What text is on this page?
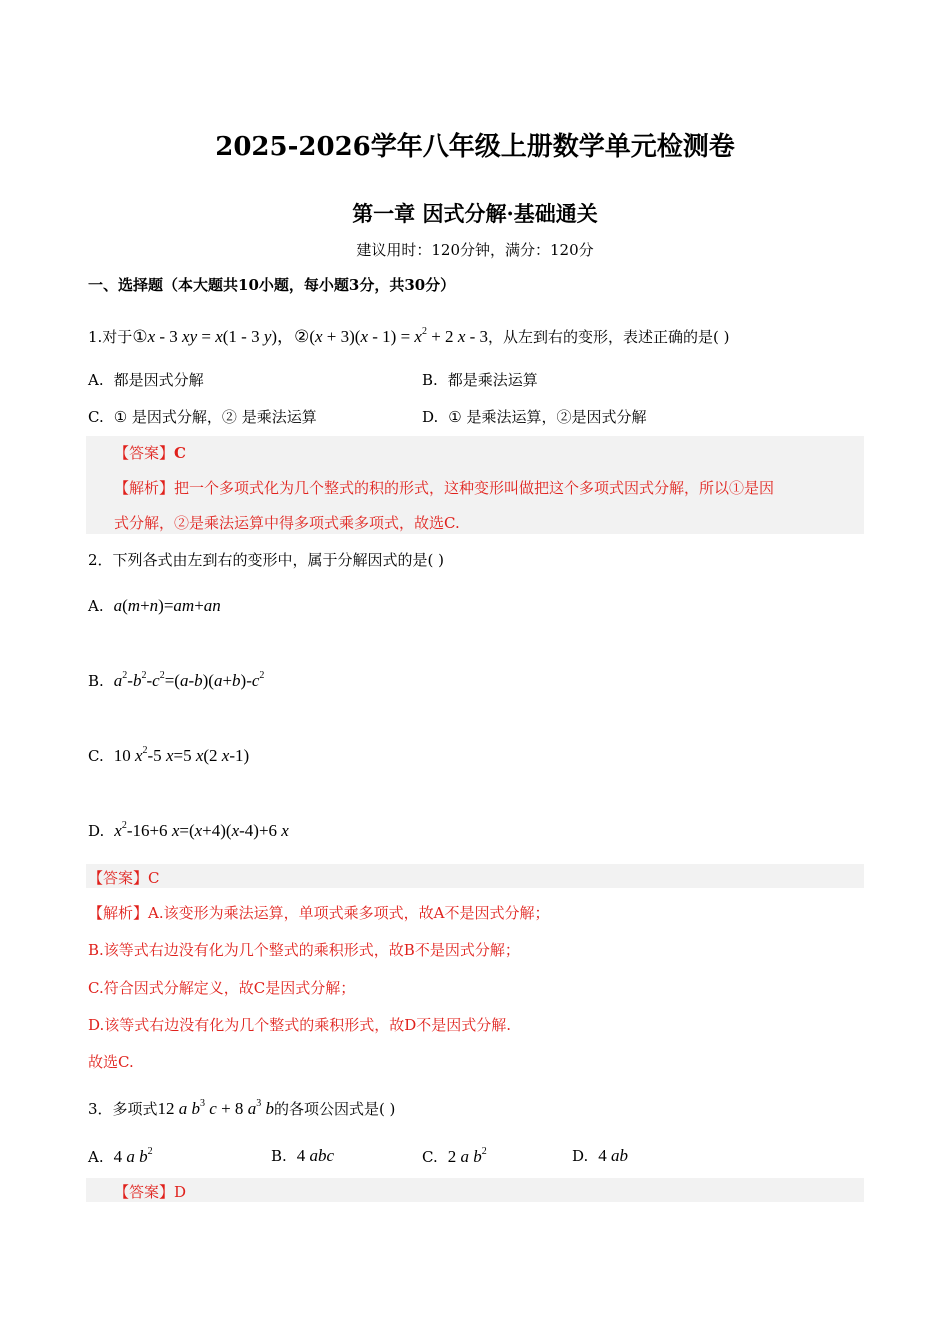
2025-2026学年八年级上册数学单元检测卷
第一章 因式分解·基础通关
建议用时：120分钟，满分：120分
一、选择题（本大题共10小题，每小题3分，共30分）
1.对于①x - 3 xy = x(1 - 3 y)，②(x + $3)(x - 1) = x^2 + 2$ x - 3，从左到右的变形，表述正确的是( )
A. 都是因式分解	B. 都是乘法运算
C. ① 是因式分解，② 是乘法运算	D. ① 是乘法运算，②是因式分解
【答案】C
【解析】把一个多项式化为几个整式的积的形式，这种变形叫做把这个多项式因式分解，所以①是因
式分解，②是乘法运算中得多项式乘多项式，故选C.
2．下列各式由左到右的变形中，属于分解因式的是( )
A. a(m+n)=am+an
B. $a^2-b^2-c^2=(a-b)(a+b)-c^2$
C. 10 $x^2-5$ x=5 x(2 x-1)
D. $x^2-16+6$ x=(x+4)(x-4)+6 x
【答案】C
【解析】A.该变形为乘法运算，单项式乘多项式，故A不是因式分解；
B.该等式右边没有化为几个整式的乘积形式，故B不是因式分解；
C.符合因式分解定义，故C是因式分解；
D.该等式右边没有化为几个整式的乘积形式，故D不是因式分解.
故选C.
3．多项式12 a $b^3$ c + 8 $a^3$ b的各项公因式是( )
A. 4 a $b^2$	B. 4 abc	C. 2 a $b^2$	D. 4 ab
【答案】D
